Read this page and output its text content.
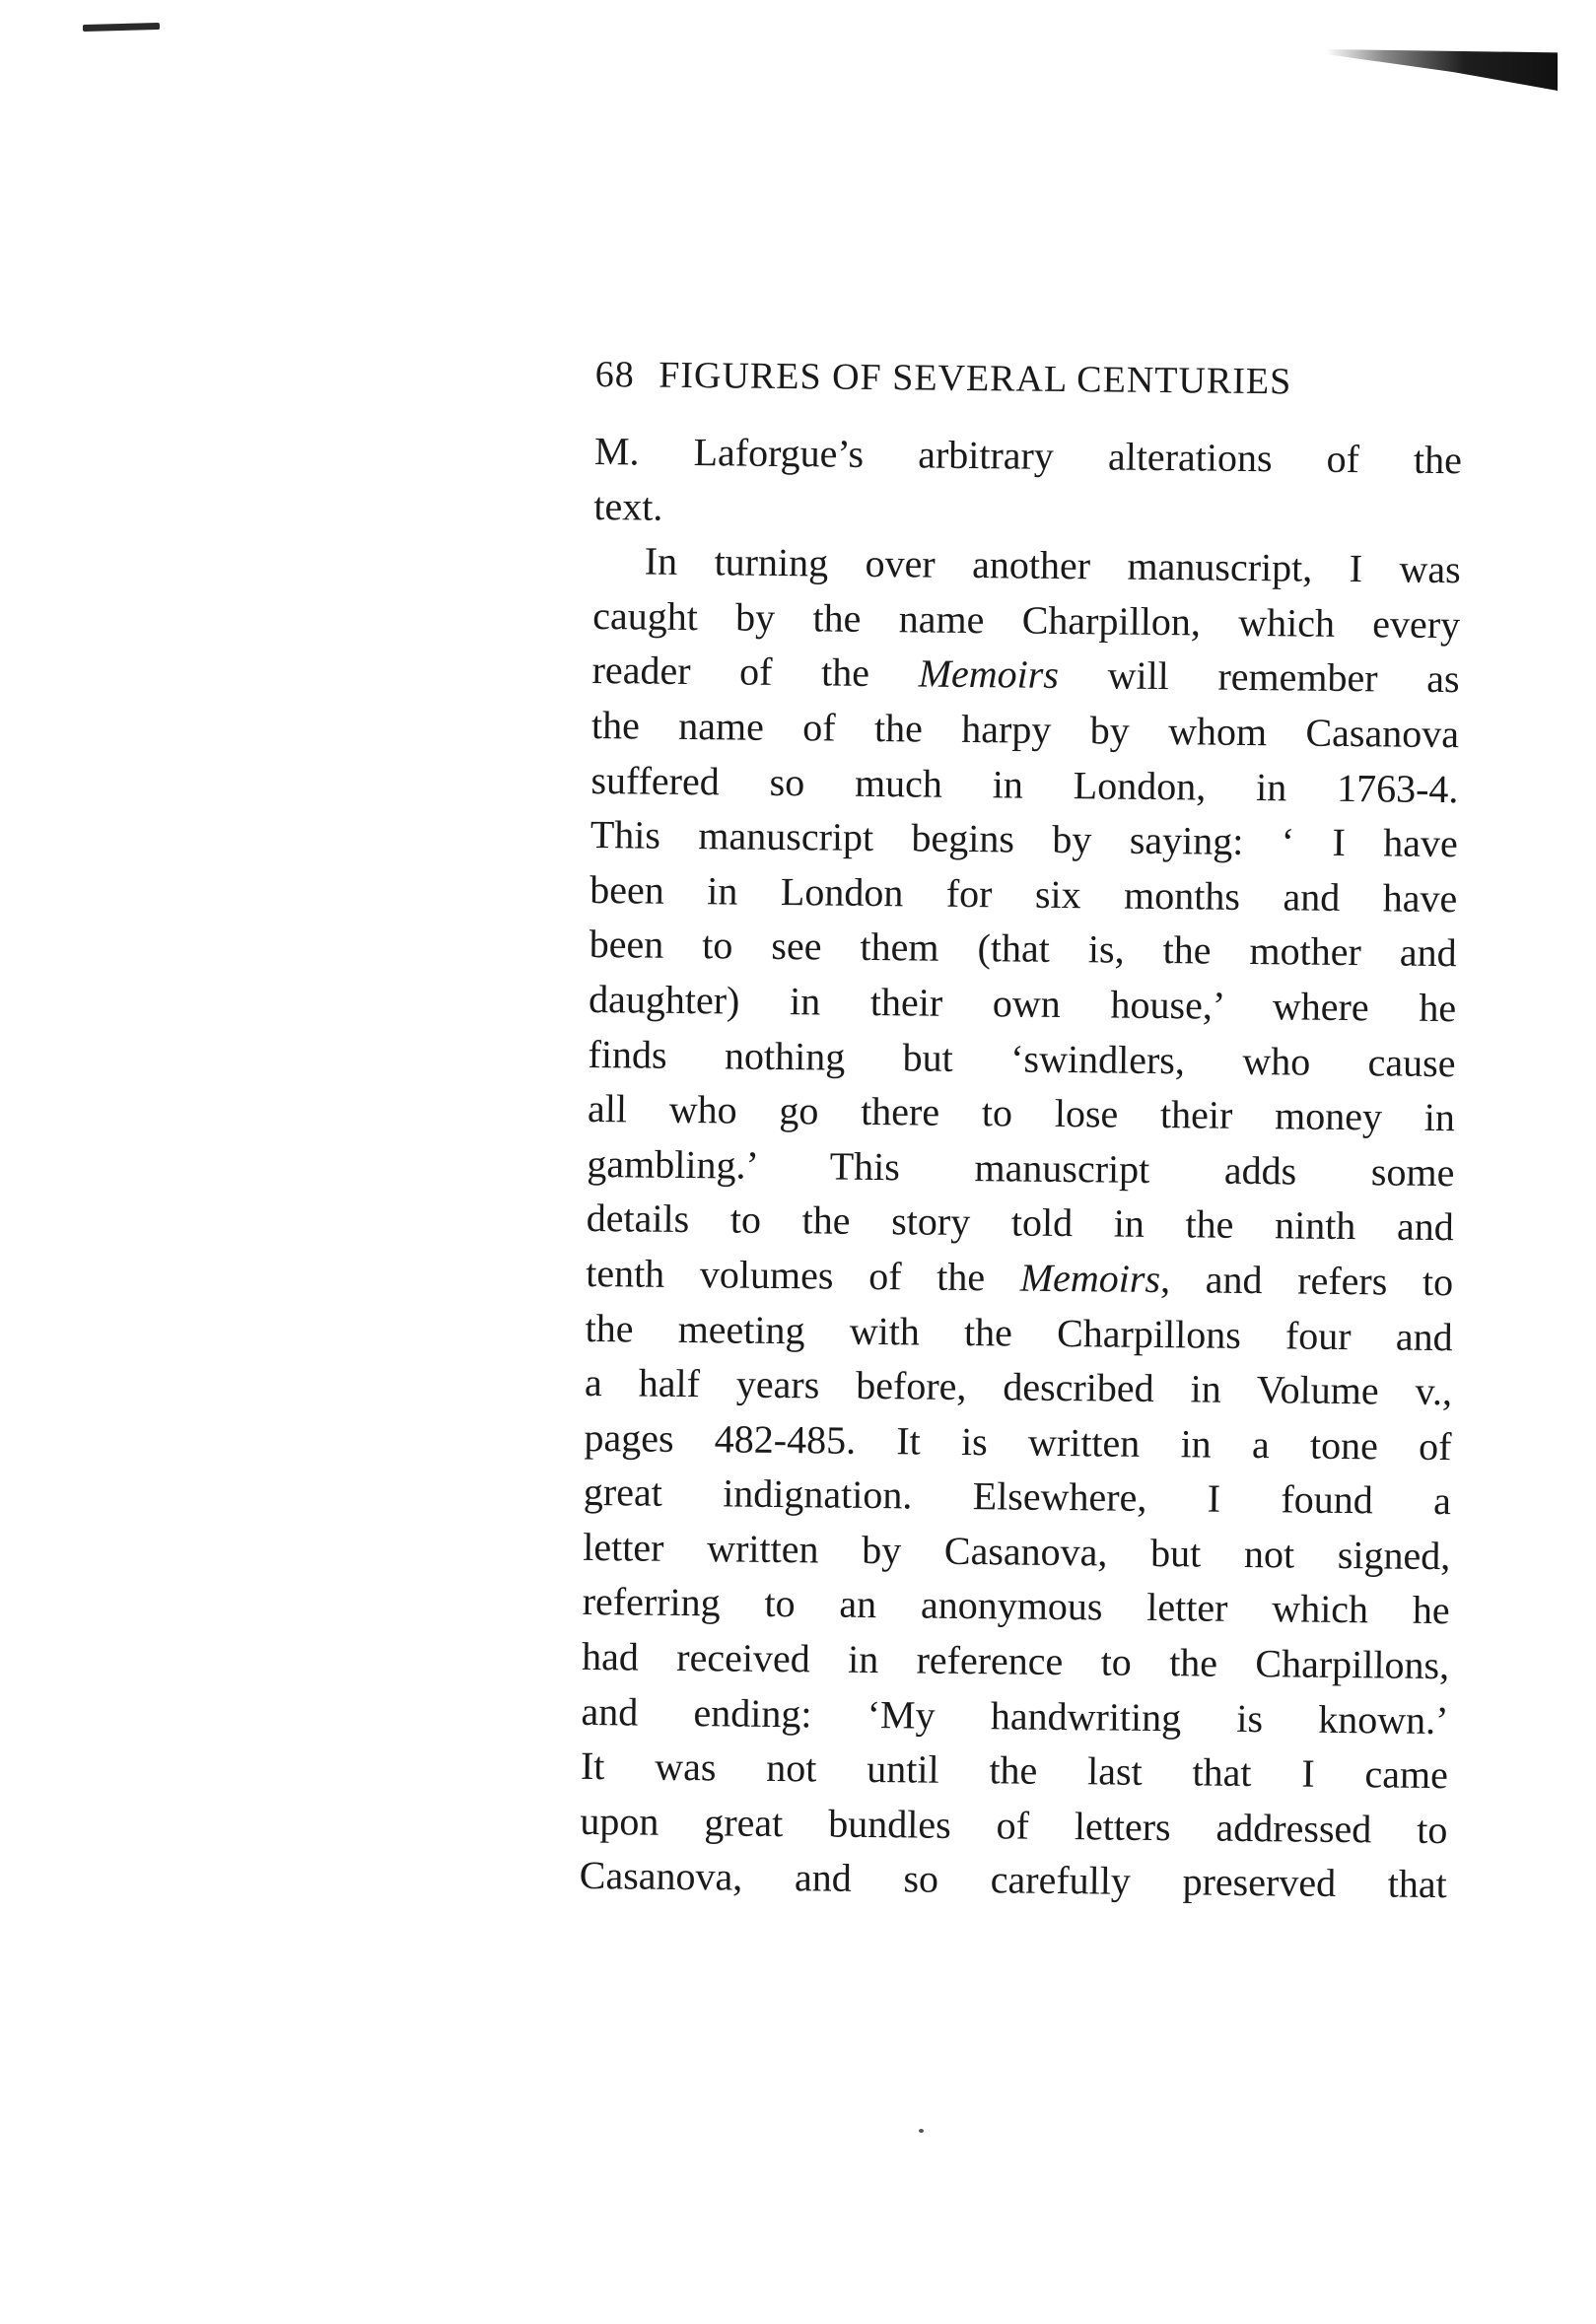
68 FIGURES OF SEVERAL CENTURIES
M. Laforgue’s arbitrary alterations of the
text.
In turning over another manuscript, I was
caught by the name Charpillon, which every
reader of the Memoirs will remember as
the name of the harpy by whom Casanova
suffered so much in London, in 1763-4.
This manuscript begins by saying: ‘ I have
been in London for six months and have
been to see them (that is, the mother and
daughter) in their own house,’ where he
finds nothing but ‘swindlers, who cause
all who go there to lose their money in
gambling.’ This manuscript adds some
details to the story told in the ninth and
tenth volumes of the Memoirs, and refers to
the meeting with the Charpillons four and
a half years before, described in Volume v.,
pages 482-485. It is written in a tone of
great indignation. Elsewhere, I found a
letter written by Casanova, but not signed,
referring to an anonymous letter which he
had received in reference to the Charpillons,
and ending: ‘My handwriting is known.’
It was not until the last that I came
upon great bundles of letters addressed to
Casanova, and so carefully preserved that
